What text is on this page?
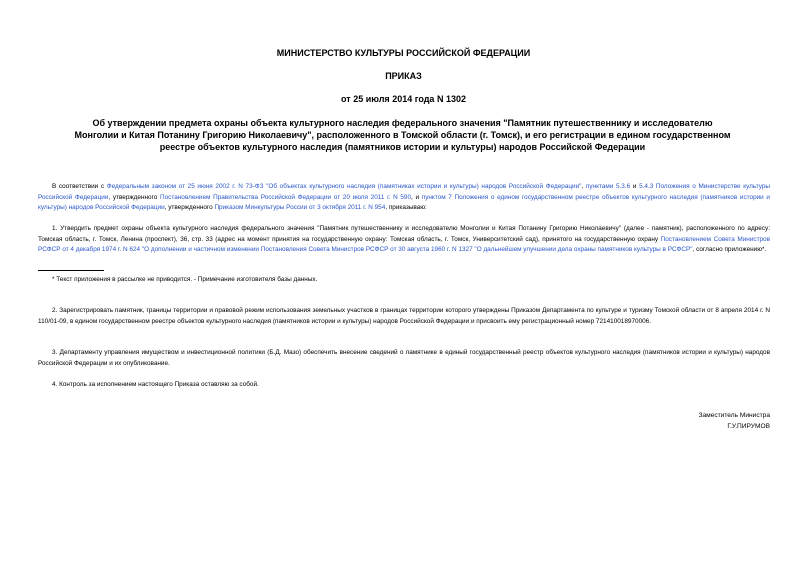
МИНИСТЕРСТВО КУЛЬТУРЫ РОССИЙСКОЙ ФЕДЕРАЦИИ
ПРИКАЗ
от 25 июля 2014 года N 1302
Об утверждении предмета охраны объекта культурного наследия федерального значения "Памятник путешественнику и исследователю Монголии и Китая Потанину Григорию Николаевичу", расположенного в Томской области (г. Томск), и его регистрации в едином государственном реестре объектов культурного наследия (памятников истории и культуры) народов Российской Федерации
В соответствии с Федеральным законом от 25 июня 2002 г. N 73-ФЗ "Об объектах культурного наследия (памятниках истории и культуры) народов Российской Федерации", пунктами 5.3.6 и 5.4.3 Положения о Министерстве культуры Российской Федерации, утвержденного Постановлением Правительства Российской Федерации от 20 июля 2011 г. N 590, и пунктом 7 Положения о едином государственном реестре объектов культурного наследия (памятников истории и культуры) народов Российской Федерации, утвержденного Приказом Минкультуры России от 3 октября 2011 г. N 954, приказываю:
1. Утвердить предмет охраны объекта культурного наследия федерального значения "Памятник путешественнику и исследователю Монголии и Китая Потанину Григорию Николаевичу" (далее - памятник), расположенного по адресу: Томская область, г. Томск, Ленина (проспект), 36, стр. 33 (адрес на момент принятия на государственную охрану: Томская область, г. Томск, Университетский сад), принятого на государственную охрану Постановлением Совета Министров РСФСР от 4 декабря 1974 г. N 624 "О дополнении и частичном изменении Постановления Совета Министров РСФСР от 30 августа 1960 г. N 1327 "О дальнейшем улучшении дела охраны памятников культуры в РСФСР", согласно приложению*.
* Текст приложения в рассылке не приводится. - Примечание изготовителя базы данных.
2. Зарегистрировать памятник, границы территории и правовой режим использования земельных участков в границах территории которого утверждены Приказом Департамента по культуре и туризму Томской области от 8 апреля 2014 г. N 110/01-09, в едином государственном реестре объектов культурного наследия (памятников истории и культуры) народов Российской Федерации и присвоить ему регистрационный номер 721410018970006.
3. Департаменту управления имуществом и инвестиционной политики (Б.Д. Мазо) обеспечить внесение сведений о памятнике в единый государственный реестр объектов культурного наследия (памятников истории и культуры) народов Российской Федерации и их опубликование.
4. Контроль за исполнением настоящего Приказа оставляю за собой.
Заместитель Министра
Г.У.ПИРУМОВ
